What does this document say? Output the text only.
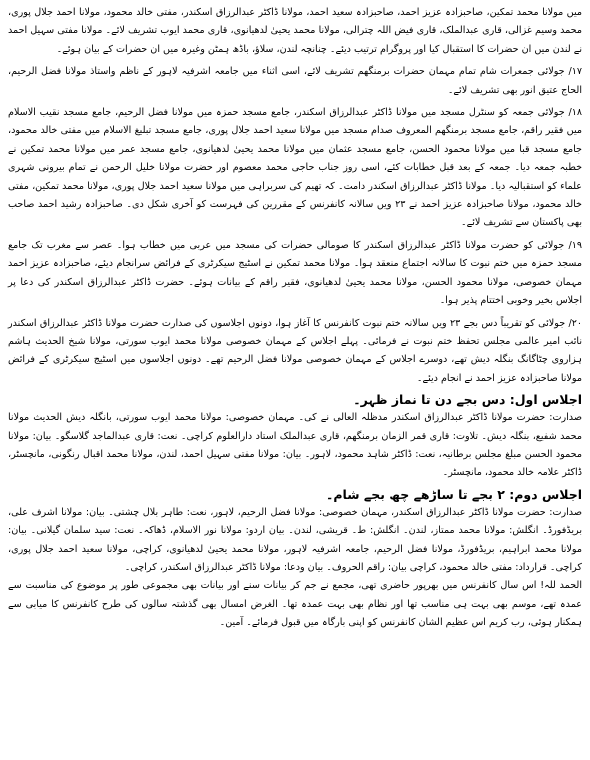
میں مولانا محمد تمکین، صاحبزادہ عزیز احمد، صاحبزادہ سعید احمد، مولانا ڈاکٹر عبدالرزاق اسکندر، مفتی خالد محمود، مولانا احمد جلال پوری، محمد وسیم غزالی، قاری عبدالملک، قاری فیض اللہ چترالی، مولانا محمد یحییٰ لدھیانوی، قاری محمد ایوب تشریف لائے۔ مولانا مفتی سہیل احمد نے لندن میں ان حضرات کا استقبال کیا اور پروگرام ترتیب دیئے۔ چنانچہ لندن، سلاؤ، باڈھ ہمٹن وغیرہ میں ان حضرات کے بیان ہوئے۔

۱۷/ جولائی جمعرات شام تمام مہمان حضرات برمنگھم تشریف لائے، اسی اثناء میں جامعہ اشرفیہ لاہور کے ناظم واستاذ مولانا فضل الرحیم، الحاج عتیق انور بھی تشریف لائے۔

۱۸/ جولائی جمعہ کو سنٹرل مسجد میں مولانا ڈاکٹر عبدالرزاق اسکندر، جامع مسجد حمزہ میں مولانا فضل الرحیم، جامع مسجد نقیب الاسلام میں فقیر راقم، جامع مسجد برمنگھم المعروف صدام مسجد میں مولانا سعید احمد جلال پوری، جامع مسجد تبلیغ الاسلام میں مفتی خالد محمود، جامع مسجد قبا میں مولانا محمود الحسن، جامع مسجد عثمان میں مولانا محمد یحییٰ لدھیانوی، جامع مسجد عمر میں مولانا محمد تمکین نے خطبہ جمعہ دیا۔ جمعہ کے بعد قبل خطابات کئے، اسی روز جناب حاجی محمد معصوم اور حضرت مولانا خلیل الرحمن نے تمام بیرونی شہری علماء کو استقبالیہ دیا۔ مولانا ڈاکٹر عبدالرزاق اسکندر دامت۔ کہ تھیم کی سربراہی میں مولانا سعید احمد جلال پوری، مولانا محمد تمکین، مفتی خالد محمود، مولانا صاحبزادہ عزیز احمد نے ۲۳ ویں سالانہ کانفرنس کے مقررین کی فہرست کو آخری شکل دی۔ صاحبزادہ رشید احمد صاحب بھی پاکستان سے تشریف لائے۔

۱۹/ جولائی کو حضرت مولانا ڈاکٹر عبدالرزاق اسکندر کا صومالی حضرات کی مسجد میں عربی میں خطاب ہوا۔ عصر سے مغرب تک جامع مسجد حمزہ میں ختم نبوت کا سالانہ اجتماع منعقد ہوا۔ مولانا محمد تمکین نے اسٹیج سیکرٹری کے فرائض سرانجام دیئے، صاحبزادہ عزیز احمد مہمان خصوصی، مولانا محمود الحسن، مولانا محمد یحییٰ لدھیانوی، فقیر راقم کے بیانات ہوئے۔ حضرت ڈاکٹر عبدالرزاق اسکندر کی دعا پر اجلاس بخیر وخوبی اختتام پذیر ہوا۔

۲۰/ جولائی کو تقریباً دس بجے ۲۳ ویں سالانہ ختم نبوت کانفرنس کا آغاز ہوا، دونوں اجلاسوں کی صدارت حضرت مولانا ڈاکٹر عبدالرزاق اسکندر نائب امیر عالمی مجلس تحفظ ختم نبوت نے فرمائی۔ پہلے اجلاس کے مہمان خصوصی مولانا محمد ایوب سورتی، مولانا شیخ الحدیث ہاشم ہزاروی چٹاگانگ بنگلہ دیش تھے، دوسرے اجلاس کے مہمان خصوصی مولانا فضل الرحیم تھے۔ دونوں اجلاسوں میں اسٹیج سیکرٹری کے فرائض مولانا صاحبزادہ عزیز احمد نے انجام دیئے۔

اجلاس اول: دس بجے دن تا نماز ظہر۔

صدارت: حضرت مولانا ڈاکٹر عبدالرزاق اسکندر مدظلہ العالی نے کی۔ مہمان خصوصی: مولانا محمد ایوب سورتی، بانگلہ دیش الحدیث مولانا محمد شفیع، بنگلہ دیش۔ تلاوت: قاری قمر الزمان برمنگھم، قاری عبدالملک استاد دارالعلوم کراچی۔ نعت: قاری عبدالماجد گلاسگو۔ بیان: مولانا محمود الحسن مبلغ مجلس برطانیہ، نعت: ڈاکٹر شاہد محمود، لاہور۔ بیان: مولانا مفتی سہیل احمد، لندن، مولانا محمد اقبال رنگونی، مانچسٹر، ڈاکٹر علامہ خالد محمود، مانچسٹر۔

اجلاس دوم: ۲ بجے تا ساڑھے چھ بجے شام۔

صدارت: حضرت مولانا ڈاکٹر عبدالرزاق اسکندر، مہمان خصوصی: مولانا فضل الرحیم، لاہور، نعت: طاہر بلال چشتی۔ بیان: مولانا اشرف علی، بریڈفورڈ۔ انگلش: مولانا محمد ممتاز، لندن۔ انگلش: ط۔ قریشی، لندن۔ بیان اردو: مولانا نور الاسلام، ڈھاکہ۔ نعت: سید سلمان گیلانی۔ بیان: مولانا محمد ابراہیم، بریڈفورڈ، مولانا فضل الرحیم، جامعہ اشرفیہ لاہور، مولانا محمد یحییٰ لدھیانوی، کراچی، مولانا سعید احمد جلال پوری، کراچی۔ قرارداد: مفتی خالد محمود، کراچی بیان: راقم الحروف۔ بیان ودعا: مولانا ڈاکٹر عبدالرزاق اسکندر، کراچی۔

الحمد للہ! اس سال کانفرنس میں بھرپور حاضری تھی، مجمع نے جم کر بیانات سنے اور بیانات بھی مجموعی طور پر موضوع کی مناسبت سے عمدہ تھے، موسم بھی بہت ہی مناسب تھا اور نظام بھی بہت عمدہ تھا۔ الغرض امسال بھی گذشتہ سالوں کی طرح کانفرنس کا میابی سے ہمکنار ہوئی، رب کریم اس عظیم الشان کانفرنس کو اپنی بارگاہ میں قبول فرمائے۔ آمین۔
